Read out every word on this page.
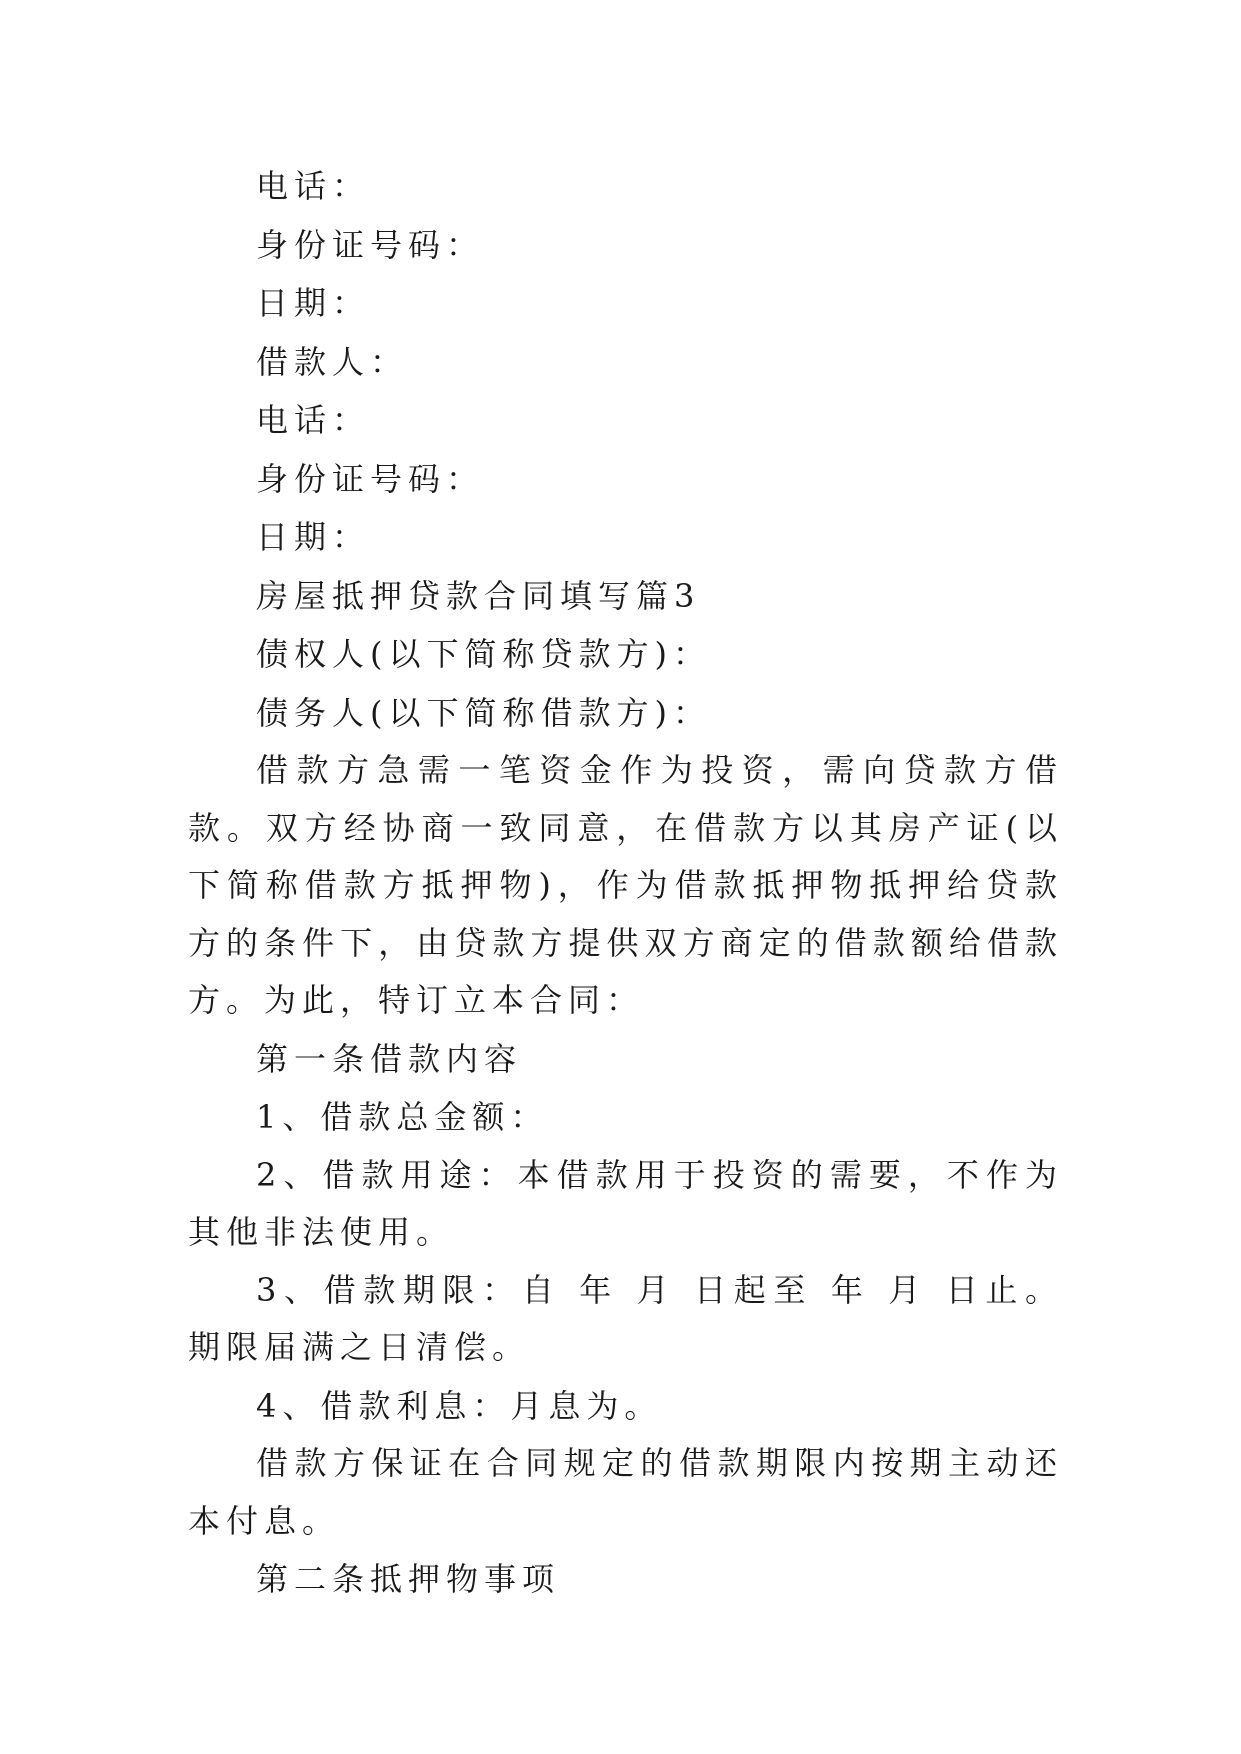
电话：
身份证号码：
日期：
借款人：
电话：
身份证号码：
日期：
房屋抵押贷款合同填写篇3
债权人(以下简称贷款方)：
债务人(以下简称借款方)：

借款方急需一笔资金作为投资，需向贷款方借款。双方经协商一致同意，在借款方以其房产证(以下简称借款方抵押物)，作为借款抵押物抵押给贷款方的条件下，由贷款方提供双方商定的借款额给借款方。为此，特订立本合同：

第一条借款内容
1、借款总金额：

2、借款用途：本借款用于投资的需要，不作为其他非法使用。

3、借款期限：自 年 月 日起至 年 月 日止。期限届满之日清偿。

4、借款利息：月息为。

借款方保证在合同规定的借款期限内按期主动还本付息。

第二条抵押物事项
